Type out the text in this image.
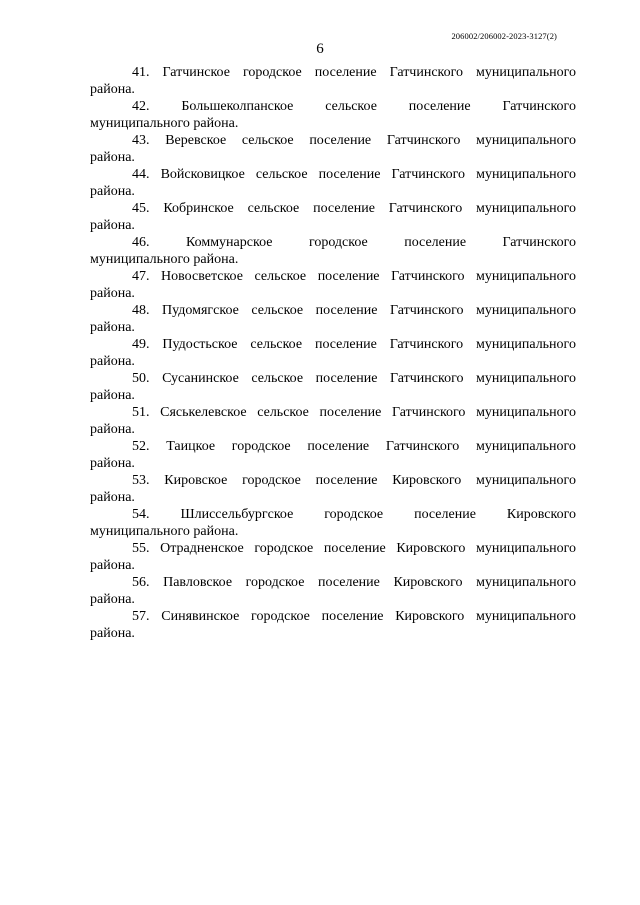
206002/206002-2023-3127(2)
6
41. Гатчинское городское поселение Гатчинского муниципального
района.
42. Большеколпанское сельское поселение Гатчинского
муниципального района.
43. Веревское сельское поселение Гатчинского муниципального
района.
44. Войсковицкое сельское поселение Гатчинского муниципального
района.
45. Кобринское сельское поселение Гатчинского муниципального
района.
46.	Коммунарское	городское	поселение	Гатчинского
муниципального района.
47. Новосветское сельское поселение Гатчинского муниципального
района.
48. Пудомягское сельское поселение Гатчинского муниципального
района.
49. Пудостьское сельское поселение Гатчинского муниципального
района.
50. Сусанинское сельское поселение Гатчинского муниципального
района.
51. Сяськелевское сельское поселение Гатчинского муниципального
района.
52. Таицкое городское поселение Гатчинского муниципального
района.
53. Кировское городское поселение Кировского муниципального
района.
54. Шлиссельбургское городское поселение Кировского
муниципального района.
55. Отрадненское городское поселение Кировского муниципального
района.
56. Павловское городское поселение Кировского муниципального
района.
57. Синявинское городское поселение Кировского муниципального
района.
